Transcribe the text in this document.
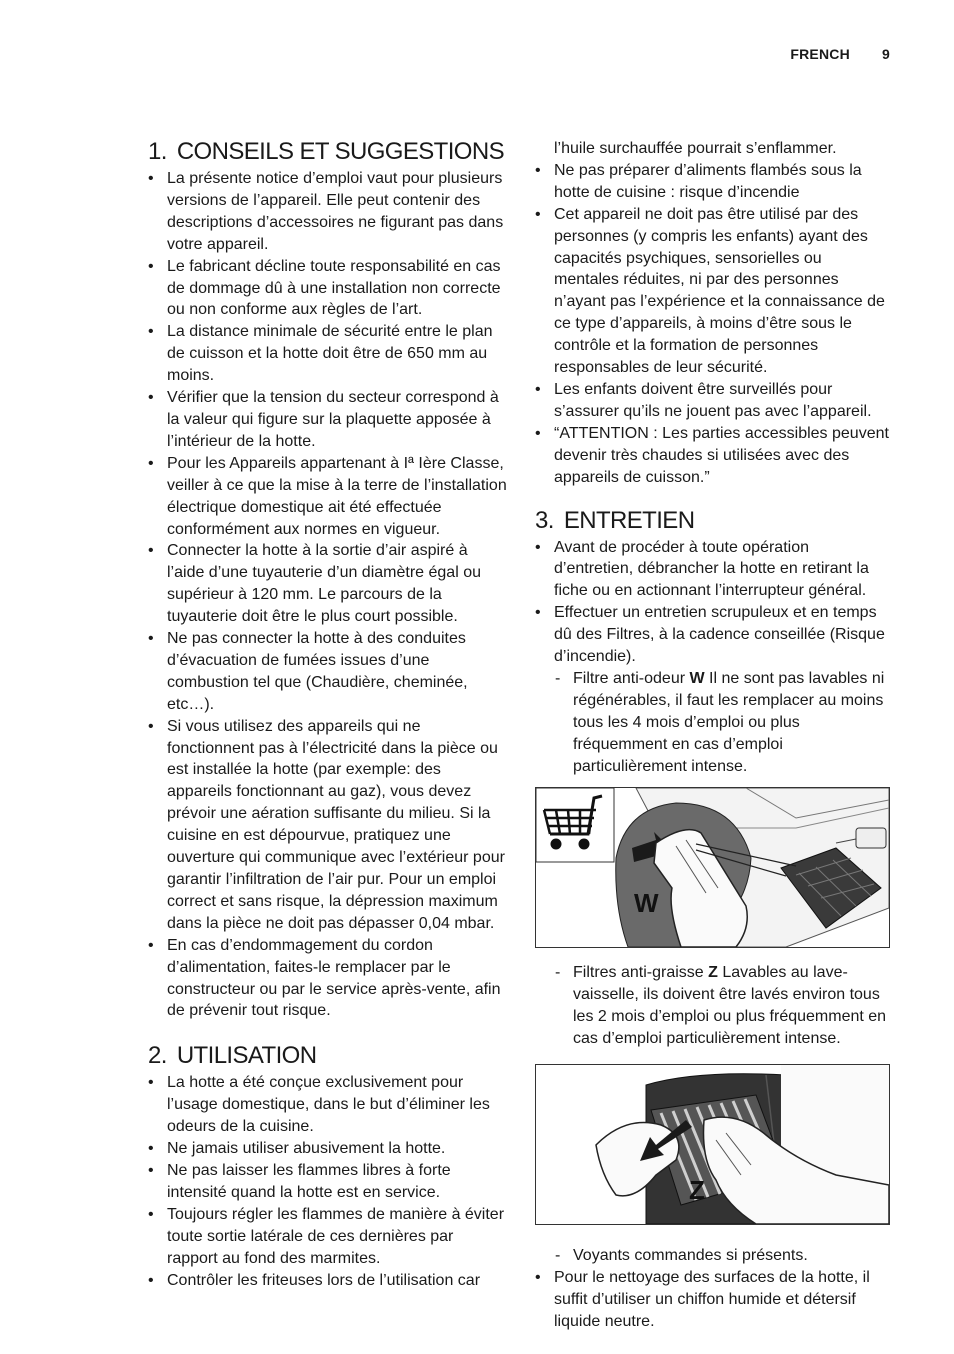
FRENCH 9
1. CONSEILS ET SUGGESTIONS
• La présente notice d’emploi vaut pour plusieurs versions de l’appareil. Elle peut contenir des descriptions d’accessoires ne figurant pas dans votre appareil.
• Le fabricant décline toute responsabilité en cas de dommage dû à une installation non correcte ou non conforme aux règles de l’art.
• La distance minimale de sécurité entre le plan de cuisson et la hotte doit être de 650 mm au moins.
• Vérifier que la tension du secteur correspond à la valeur qui figure sur la plaquette apposée à l’intérieur de la hotte.
• Pour les Appareils appartenant à Iª Ière Classe, veiller à ce que la mise à la terre de l’installation électrique domestique ait été effectuée conformément aux normes en vigueur.
• Connecter la hotte à la sortie d’air aspiré à l’aide d’une tuyauterie d’un diamètre égal ou supérieur à 120 mm. Le parcours de la tuyauterie doit être le plus court possible.
• Ne pas connecter la hotte à des conduites d’évacuation de fumées issues d’une combustion tel que (Chaudière, cheminée, etc…).
• Si vous utilisez des appareils qui ne fonctionnent pas à l’électricité dans la pièce ou est installée la hotte (par exemple: des appareils fonctionnant au gaz), vous devez prévoir une aération suffisante du milieu. Si la cuisine en est dépourvue, pratiquez une ouverture qui communique avec l’extérieur pour garantir l’infiltration de l’air pur. Pour un emploi correct et sans risque, la dépression maximum dans la pièce ne doit pas dépasser 0,04 mbar.
• En cas d’endommagement du cordon d’alimentation, faites-le remplacer par le constructeur ou par le service après-vente, afin de prévenir tout risque.
2. UTILISATION
• La hotte a été conçue exclusivement pour l’usage domestique, dans le but d’éliminer les odeurs de la cuisine.
• Ne jamais utiliser abusivement la hotte.
• Ne pas laisser les flammes libres à forte intensité quand la hotte est en service.
• Toujours régler les flammes de manière à éviter toute sortie latérale de ces dernières par rapport au fond des marmites.
• Contrôler les friteuses lors de l’utilisation car
l’huile surchauffée pourrait s’enflammer.
• Ne pas préparer d’aliments flambés sous la hotte de cuisine : risque d’incendie
• Cet appareil ne doit pas être utilisé par des personnes (y compris les enfants) ayant des capacités psychiques, sensorielles ou mentales réduites, ni par des personnes n’ayant pas l’expérience et la connaissance de ce type d’appareils, à moins d’être sous le contrôle et la formation de personnes responsables de leur sécurité.
• Les enfants doivent être surveillés pour s’assurer qu’ils ne jouent pas avec l’appareil.
• “ATTENTION : Les parties accessibles peuvent devenir très chaudes si utilisées avec des appareils de cuisson.”
3. ENTRETIEN
• Avant de procéder à toute opération d’entretien, débrancher la hotte en retirant la fiche ou en actionnant l’interrupteur général.
• Effectuer un entretien scrupuleux et en temps dû des Filtres, à la cadence conseillée (Risque d’incendie).
- Filtre anti-odeur W Il ne sont pas lavables ni régénérables, il faut les remplacer au moins tous les 4 mois d’emploi ou plus fréquemment en cas d’emploi particulièrement intense.
W
- Filtres anti-graisse Z Lavables au lave-vaisselle, ils doivent être lavés environ tous les 2 mois d’emploi ou plus fréquemment en cas d’emploi particulièrement intense.
Z
- Voyants commandes si présents.
• Pour le nettoyage des surfaces de la hotte, il suffit d’utiliser un chiffon humide et détersif liquide neutre.
